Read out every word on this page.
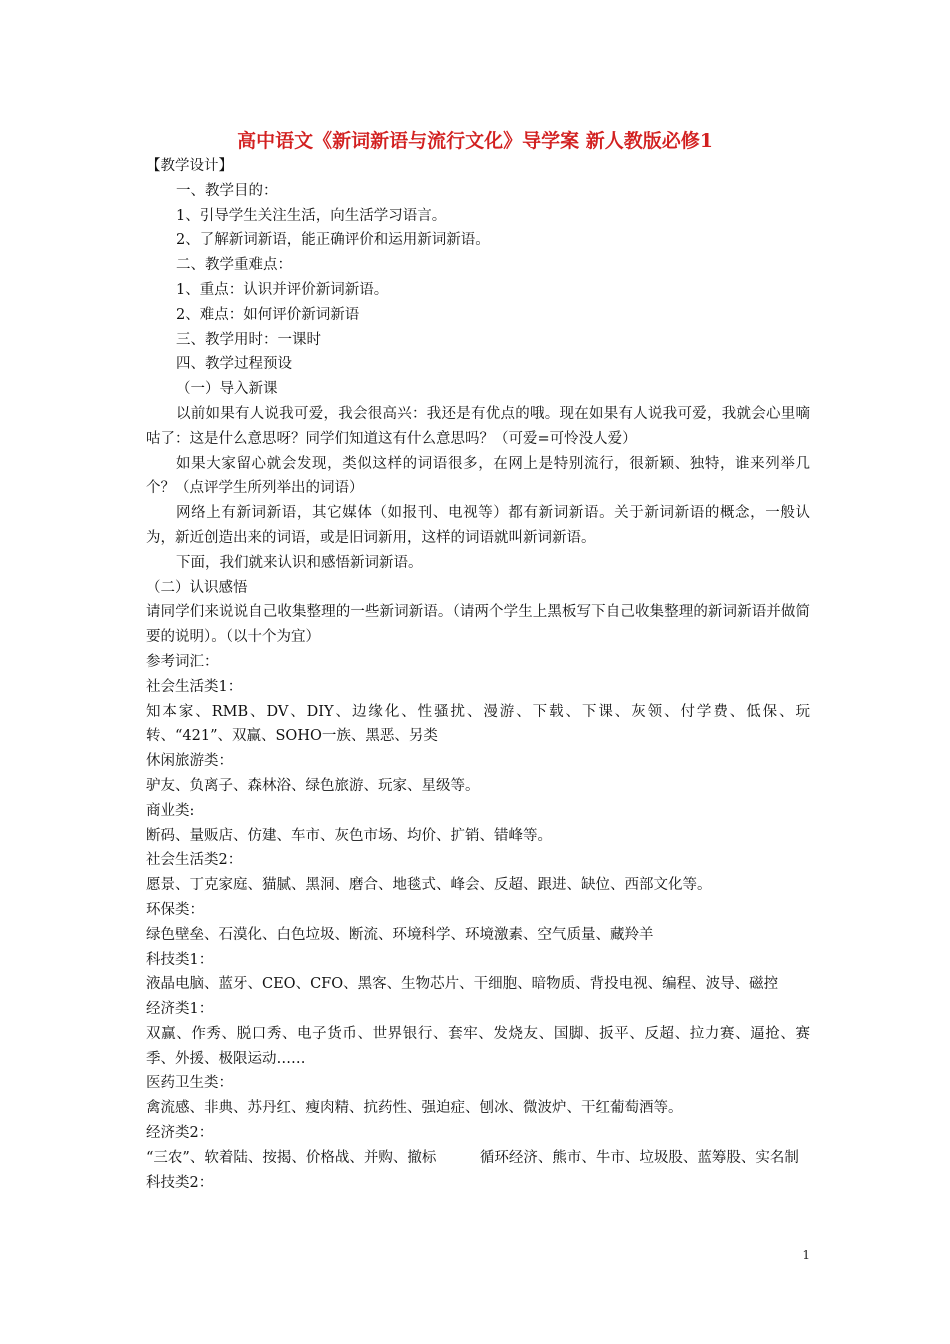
高中语文《新词新语与流行文化》导学案 新人教版必修1
【教学设计】
一、教学目的：
1、引导学生关注生活，向生活学习语言。
2、了解新词新语，能正确评价和运用新词新语。
二、教学重难点：
1、重点：认识并评价新词新语。
2、难点：如何评价新词新语
三、教学用时：一课时
四、教学过程预设
（一）导入新课
以前如果有人说我可爱，我会很高兴：我还是有优点的哦。现在如果有人说我可爱，我就会心里嘀咕了：这是什么意思呀？同学们知道这有什么意思吗？（可爱=可怜没人爱）
如果大家留心就会发现，类似这样的词语很多，在网上是特别流行，很新颖、独特，谁来列举几个？（点评学生所列举出的词语）
网络上有新词新语，其它媒体（如报刊、电视等）都有新词新语。关于新词新语的概念，一般认为，新近创造出来的词语，或是旧词新用，这样的词语就叫新词新语。
下面，我们就来认识和感悟新词新语。
（二）认识感悟
请同学们来说说自己收集整理的一些新词新语。（请两个学生上黑板写下自己收集整理的新词新语并做简要的说明）。（以十个为宜）
参考词汇：
社会生活类1：
知本家、RMB、DV、DIY、边缘化、性骚扰、漫游、下载、下课、灰领、付学费、低保、玩转、“421”、双赢、SOHO一族、黑恶、另类
休闲旅游类：
驴友、负离子、森林浴、绿色旅游、玩家、星级等。
商业类:
断码、量贩店、仿建、车市、灰色市场、均价、扩销、错峰等。
社会生活类2：
愿景、丁克家庭、猫腻、黑洞、磨合、地毯式、峰会、反超、跟进、缺位、西部文化等。
环保类：
绿色壁垒、石漠化、白色垃圾、断流、环境科学、环境激素、空气质量、藏羚羊
科技类1：
液晶电脑、蓝牙、CEO、CFO、黑客、生物芯片、干细胞、暗物质、背投电视、编程、波导、磁控
经济类1：
双赢、作秀、脱口秀、电子货币、世界银行、套牢、发烧友、国脚、扳平、反超、拉力赛、逼抢、赛季、外援、极限运动……
医药卫生类：
禽流感、非典、苏丹红、瘦肉精、抗药性、强迫症、刨冰、微波炉、干红葡萄酒等。
经济类2：
“三农”、软着陆、按揭、价格战、并购、撤标　　　循环经济、熊市、牛市、垃圾股、蓝筹股、实名制
科技类2：
1
